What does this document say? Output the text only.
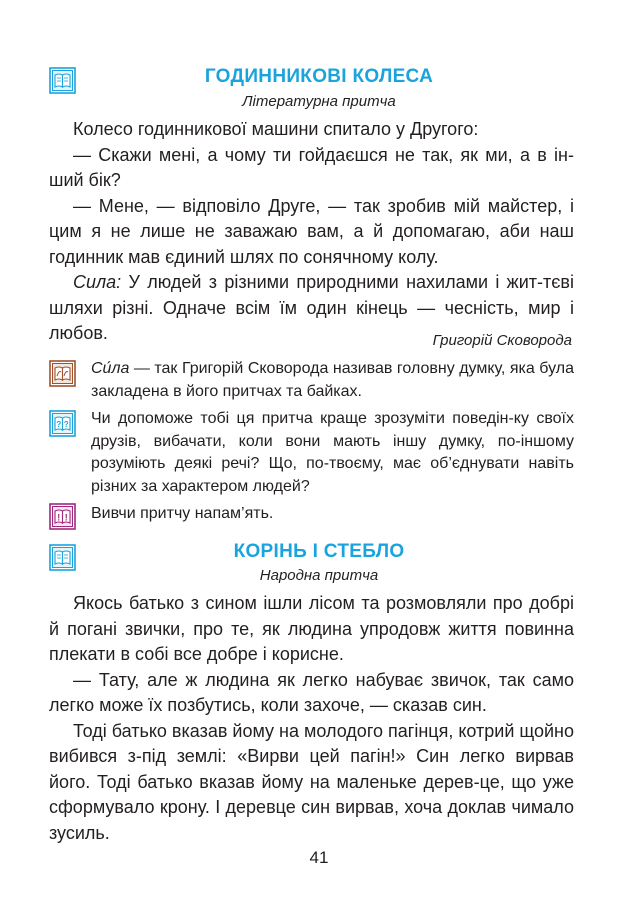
ГОДИННИКОВІ КОЛЕСА
Літературна притча

Колесо годинникової машини спитало у Другого:

— Скажи мені, а чому ти гойдаєшся не так, як ми, а в ін-ший бік?

— Мене, — відповіло Друге, — так зробив мій майстер, і цим я не лише не заважаю вам, а й допомагаю, аби наш годинник мав єдиний шлях по сонячному колу.

Сила: У людей з різними природними нахилами і жит-тєві шляхи різні. Одначе всім їм один кінець — чесність, мир і любов.	Григорій Сковорода

Си́ла — так Григорій Сковорода називав головну думку, яка була закладена в його притчах та байках.

? ? Чи допоможе тобі ця притча краще зрозуміти поведін-ку своїх друзів, вибачати, коли вони мають іншу думку, по-іншому розуміють деякі речі? Що, по-твоєму, має об’єднувати навіть різних за характером людей?

! ! Вивчи притчу напам’ять.

КОРІНЬ І СТЕБЛО
Народна притча

Якось батько з сином ішли лісом та розмовляли про добрі й погані звички, про те, як людина упродовж життя повинна плекати в собі все добре і корисне.

— Тату, але ж людина як легко набуває звичок, так само легко може їх позбутись, коли захоче, — сказав син.

Тоді батько вказав йому на молодого пагінця, котрий щойно вибився з-під землі: «Вирви цей пагін!» Син легко вирвав його. Тоді батько вказав йому на маленьке дерев-це, що уже сформувало крону. І деревце син вирвав, хоча доклав чимало зусиль.

41
